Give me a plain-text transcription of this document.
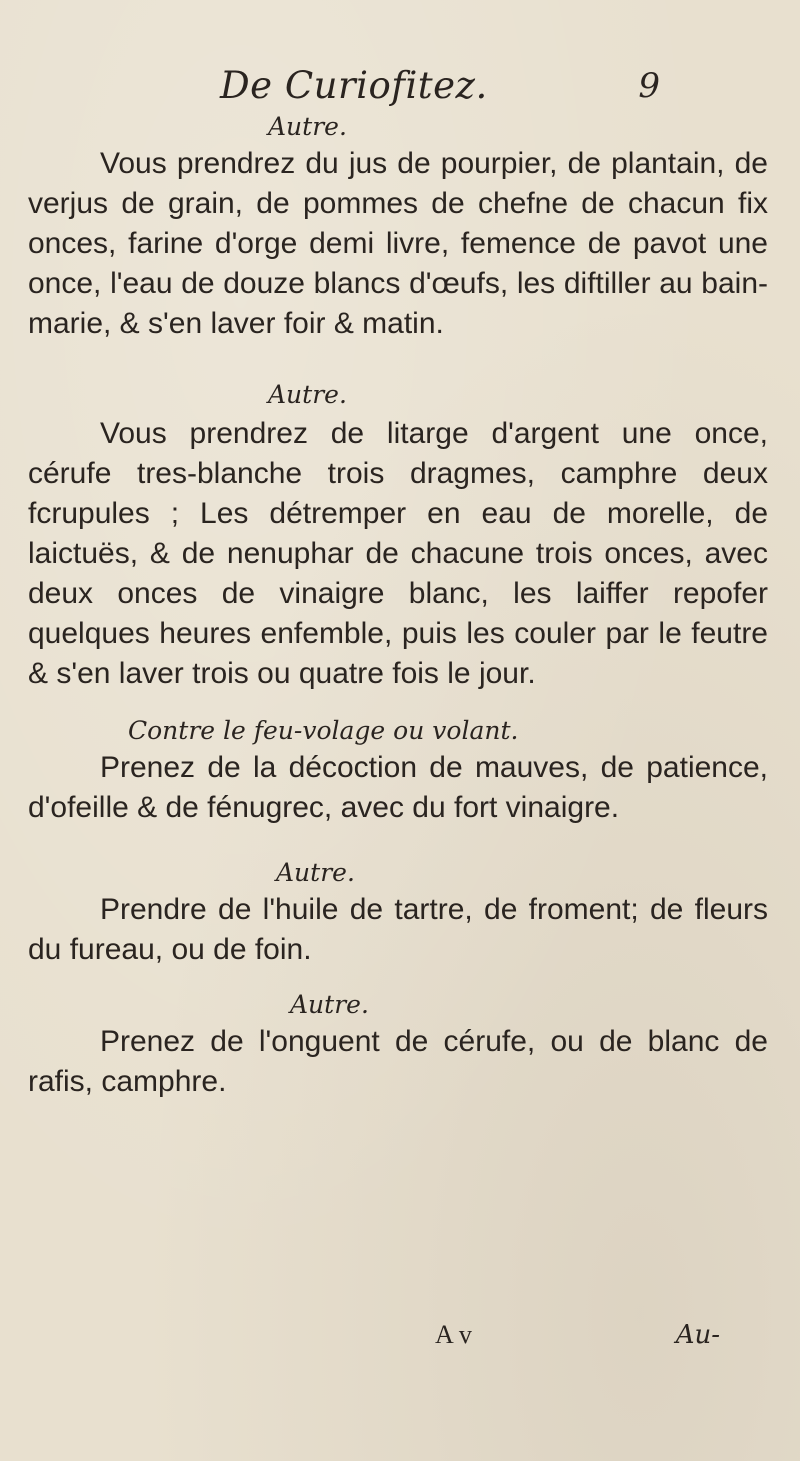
De Curiofitez.	9
Autre.

Vous prendrez du jus de pourpier, de plantain, de verjus de grain, de pommes de chefne de chacun fix onces, farine d'orge demi livre, femence de pavot une once, l'eau de douze blancs d'œufs, les diftiller au bain-marie, & s'en laver foir & matin.

Autre.

Vous prendrez de litarge d'argent une once, cérufe tres-blanche trois dragmes, camphre deux fcrupules ; Les détremper en eau de morelle, de laictuës, & de nenuphar de chacune trois onces, avec deux onces de vinaigre blanc, les laiffer repofer quelques heures enfemble, puis les couler par le feutre & s'en laver trois ou quatre fois le jour.

Contre le feu-volage ou volant.

Prenez de la décoction de mauves, de patience, d'ofeille & de fénugrec, avec du fort vinaigre.

Autre.

Prendre de l'huile de tartre, de froment; de fleurs du fureau, ou de foin.

Autre.

Prenez de l'onguent de cérufe, ou de blanc de rafis, camphre.

A v	Au-
